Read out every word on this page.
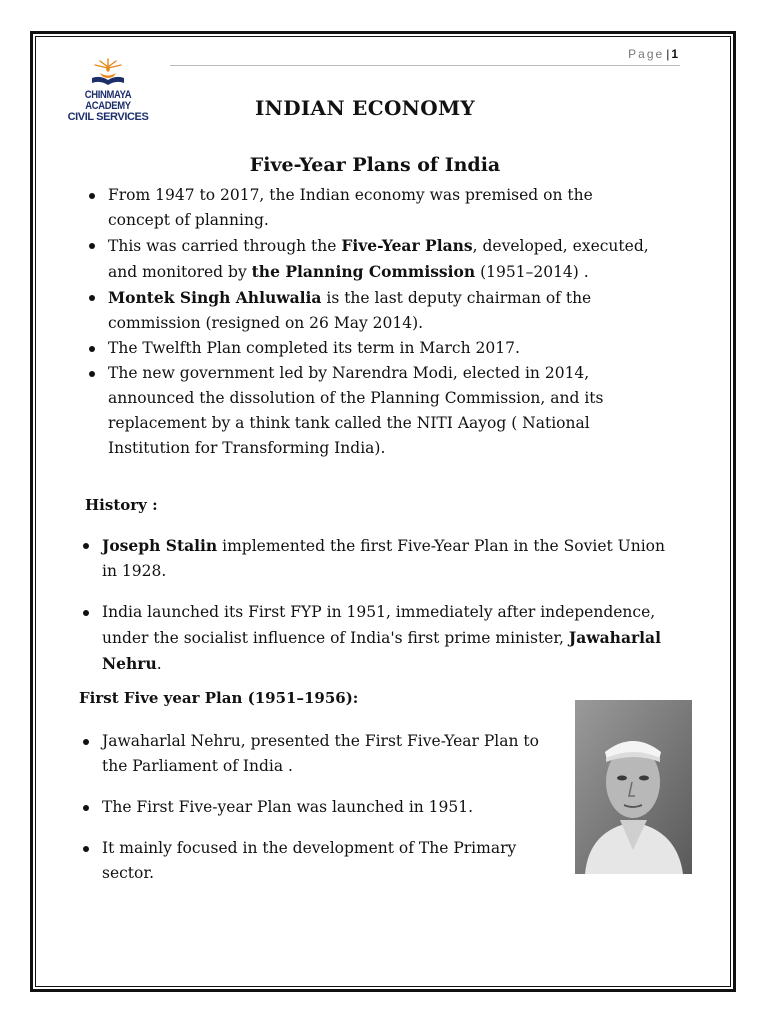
Page | 1
CHINMAYA ACADEMY
CIVIL SERVICES	INDIAN ECONOMY
Five-Year Plans of India
From 1947 to 2017, the Indian economy was premised on the concept of planning.
This was carried through the Five-Year Plans, developed, executed, and monitored by the Planning Commission (1951–2014) .
Montek Singh Ahluwalia is the last deputy chairman of the commission (resigned on 26 May 2014).
The Twelfth Plan completed its term in March 2017.
The new government led by Narendra Modi, elected in 2014, announced the dissolution of the Planning Commission, and its replacement by a think tank called the NITI Aayog ( National Institution for Transforming India).
History :
Joseph Stalin implemented the first Five-Year Plan in the Soviet Union in 1928.
India launched its First FYP in 1951, immediately after independence, under the socialist influence of India's first prime minister, Jawaharlal Nehru.
First Five year Plan (1951–1956):
Jawaharlal Nehru, presented the First Five-Year Plan to the Parliament of India .
The First Five-year Plan was launched in 1951.
It mainly focused in the development of The Primary sector.
